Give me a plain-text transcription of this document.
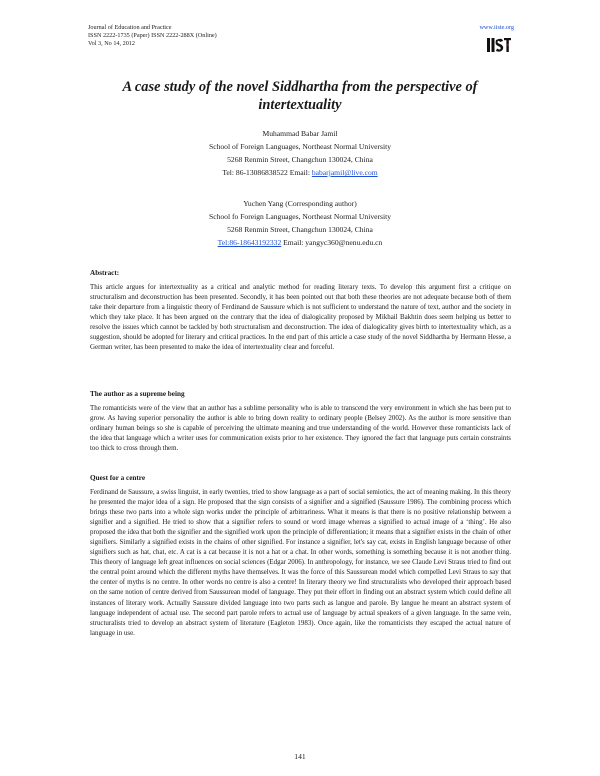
Journal of Education and Practice
ISSN 2222-1735 (Paper) ISSN 2222-288X (Online)
Vol 3, No 14, 2012
www.iiste.org
A case study of the novel Siddhartha from the perspective of intertextuality
Muhammad Babar Jamil
School of Foreign Languages, Northeast Normal University
5268 Renmin Street, Changchun 130024, China
Tel: 86-13086838522 Email: babarjamil@live.com
Yuchen Yang (Corresponding author)
School fo Foreign Languages, Northeast Normal University
5268 Renmin Street, Changchun 130024, China
Tel:86-18643192332 Email: yangyc360@nenu.edu.cn
Abstract:
This article argues for intertextuality as a critical and analytic method for reading literary texts. To develop this argument first a critique on structuralism and deconstruction has been presented. Secondly, it has been pointed out that both these theories are not adequate because both of them take their departure from a linguistic theory of Ferdinand de Saussure which is not sufficient to understand the nature of text, author and the society in which they take place. It has been argued on the contrary that the idea of dialogicality proposed by Mikhail Bakhtin does seem helping us better to resolve the issues which cannot be tackled by both structuralism and deconstruction. The idea of dialogicality gives birth to intertextuality which, as a suggestion, should be adopted for literary and critical practices. In the end part of this article a case study of the novel Siddhartha by Hermann Hesse, a German writer, has been presented to make the idea of intertextuality clear and forceful.
The author as a supreme being
The romanticists were of the view that an author has a sublime personality who is able to transcend the very environment in which she has been put to grow. As having superior personality the author is able to bring down reality to ordinary people (Belsey 2002). As the author is more sensitive than ordinary human beings so she is capable of perceiving the ultimate meaning and true understanding of the world. However these romanticists lack of the idea that language which a writer uses for communication exists prior to her existence. They ignored the fact that language puts certain constraints too thick to cross through them.
Quest for a centre
Ferdinand de Saussure, a swiss linguist, in early twenties, tried to show language as a part of social semiotics, the act of meaning making. In this theory he presented the major idea of a sign. He proposed that the sign consists of a signifier and a signified (Saussure 1986). The combining process which brings these two parts into a whole sign works under the principle of arbitrariness. What it means is that there is no positive relationship between a signifier and a signified. He tried to show that a signifier refers to sound or word image whereas a signified to actual image of a ‘thing’. He also proposed the idea that both the signifier and the signified work upon the principle of differentiation; it means that a signifier exists in the chain of other signifiers. Similarly a signified exists in the chains of other signified. For instance a signifier, let's say cat, exists in English language because of other signifiers such as hat, chat, etc. A cat is a cat because it is not a hat or a chat. In other words, something is something because it is not another thing. This theory of language left great influences on social sciences (Edgar 2006). In anthropology, for instance, we see Claude Levi Straus tried to find out the central point around which the different myths have themselves. It was the force of this Saussurean model which compelled Levi Straus to say that the center of myths is no centre. In other words no centre is also a centre! In literary theory we find structuralists who developed their approach based on the same notion of centre derived from Saussurean model of language. They put their effort in finding out an abstract system which could define all instances of literary work. Actually Saussure divided language into two parts such as langue and parole. By langue he meant an abstract system of language independent of actual use. The second part parole refers to actual use of language by actual speakers of a given language. In the same vein, structuralists tried to develop an abstract system of literature (Eagleton 1983). Once again, like the romanticists they escaped the actual nature of language in use.
141
